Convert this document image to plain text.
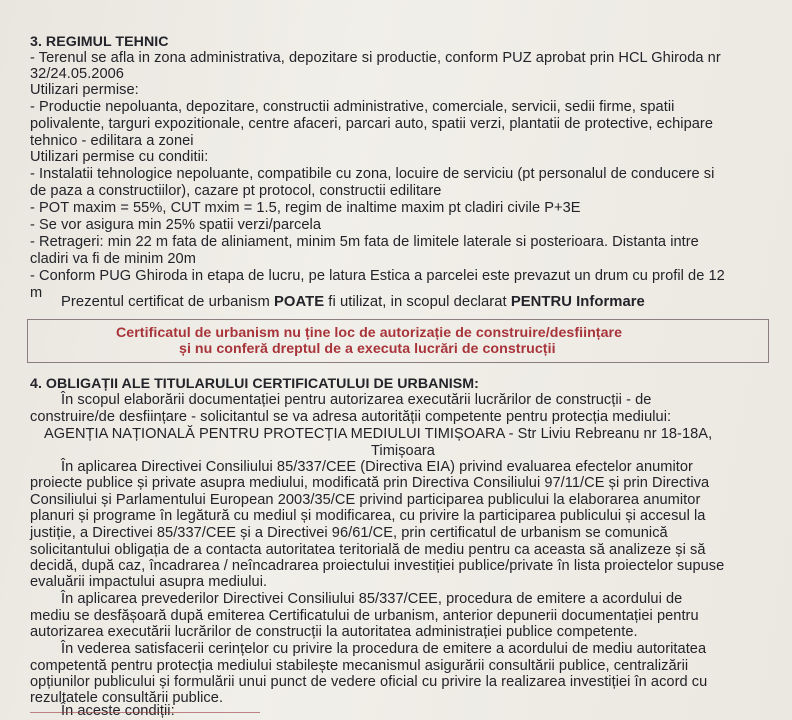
3. REGIMUL TEHNIC
- Terenul se afla in zona administrativa, depozitare si productie, conform PUZ aprobat prin HCL Ghiroda nr
32/24.05.2006
Utilizari permise:
- Productie nepoluanta, depozitare, constructii administrative, comerciale, servicii, sedii firme, spatii
polivalente, targuri expozitionale, centre afaceri, parcari auto, spatii verzi, plantatii de protective, echipare
tehnico - edilitara a zonei
Utilizari permise cu conditii:
- Instalatii tehnologice nepoluante, compatibile cu zona, locuire de serviciu (pt personalul de conducere si
de paza a constructiilor), cazare pt protocol, constructii edilitare
- POT maxim = 55%, CUT mxim = 1.5, regim de inaltime maxim pt cladiri civile P+3E
- Se vor asigura min 25% spatii verzi/parcela
- Retrageri: min 22 m fata de aliniament, minim 5m fata de limitele laterale si posterioara. Distanta intre
cladiri va fi de minim 20m
- Conform PUG Ghiroda in etapa de lucru, pe latura Estica a parcelei este prevazut un drum cu profil de 12
m
Prezentul certificat de urbanism POATE fi utilizat, in scopul declarat PENTRU Informare
Certificatul de urbanism nu ține loc de autorizație de construire/desființare
și nu conferă dreptul de a executa lucrări de construcții
4. OBLIGAȚII ALE TITULARULUI CERTIFICATULUI DE URBANISM:
În scopul elaborării documentației pentru autorizarea executării lucrărilor de construcții - de
construire/de desființare - solicitantul se va adresa autorității competente pentru protecția mediului:
AGENȚIA NAȚIONALĂ PENTRU PROTECȚIA MEDIULUI TIMIȘOARA - Str Liviu Rebreanu nr 18-18A,
Timișoara
În aplicarea Directivei Consiliului 85/337/CEE (Directiva EIA) privind evaluarea efectelor anumitor
proiecte publice și private asupra mediului, modificată prin Directiva Consiliului 97/11/CE și prin Directiva
Consiliului și Parlamentului European 2003/35/CE privind participarea publicului la elaborarea anumitor
planuri și programe în legătură cu mediul și modificarea, cu privire la participarea publicului și accesul la
justiție, a Directivei 85/337/CEE și a Directivei 96/61/CE, prin certificatul de urbanism se comunică
solicitantului obligația de a contacta autoritatea teritorială de mediu pentru ca aceasta să analizeze și să
decidă, după caz, încadrarea / neîncadrarea proiectului investiției publice/private în lista proiectelor supuse
evaluării impactului asupra mediului.
În aplicarea prevederilor Directivei Consiliului 85/337/CEE, procedura de emitere a acordului de
mediu se desfășoară după emiterea Certificatului de urbanism, anterior depunerii documentației pentru
autorizarea executării lucrărilor de construcții la autoritatea administrației publice competente.
În vederea satisfacerii cerințelor cu privire la procedura de emitere a acordului de mediu autoritatea
competentă pentru protecția mediului stabilește mecanismul asigurării consultării publice, centralizării
opțiunilor publicului și formulării unui punct de vedere oficial cu privire la realizarea investiției în acord cu
rezultatele consultării publice.
În aceste condiții:
